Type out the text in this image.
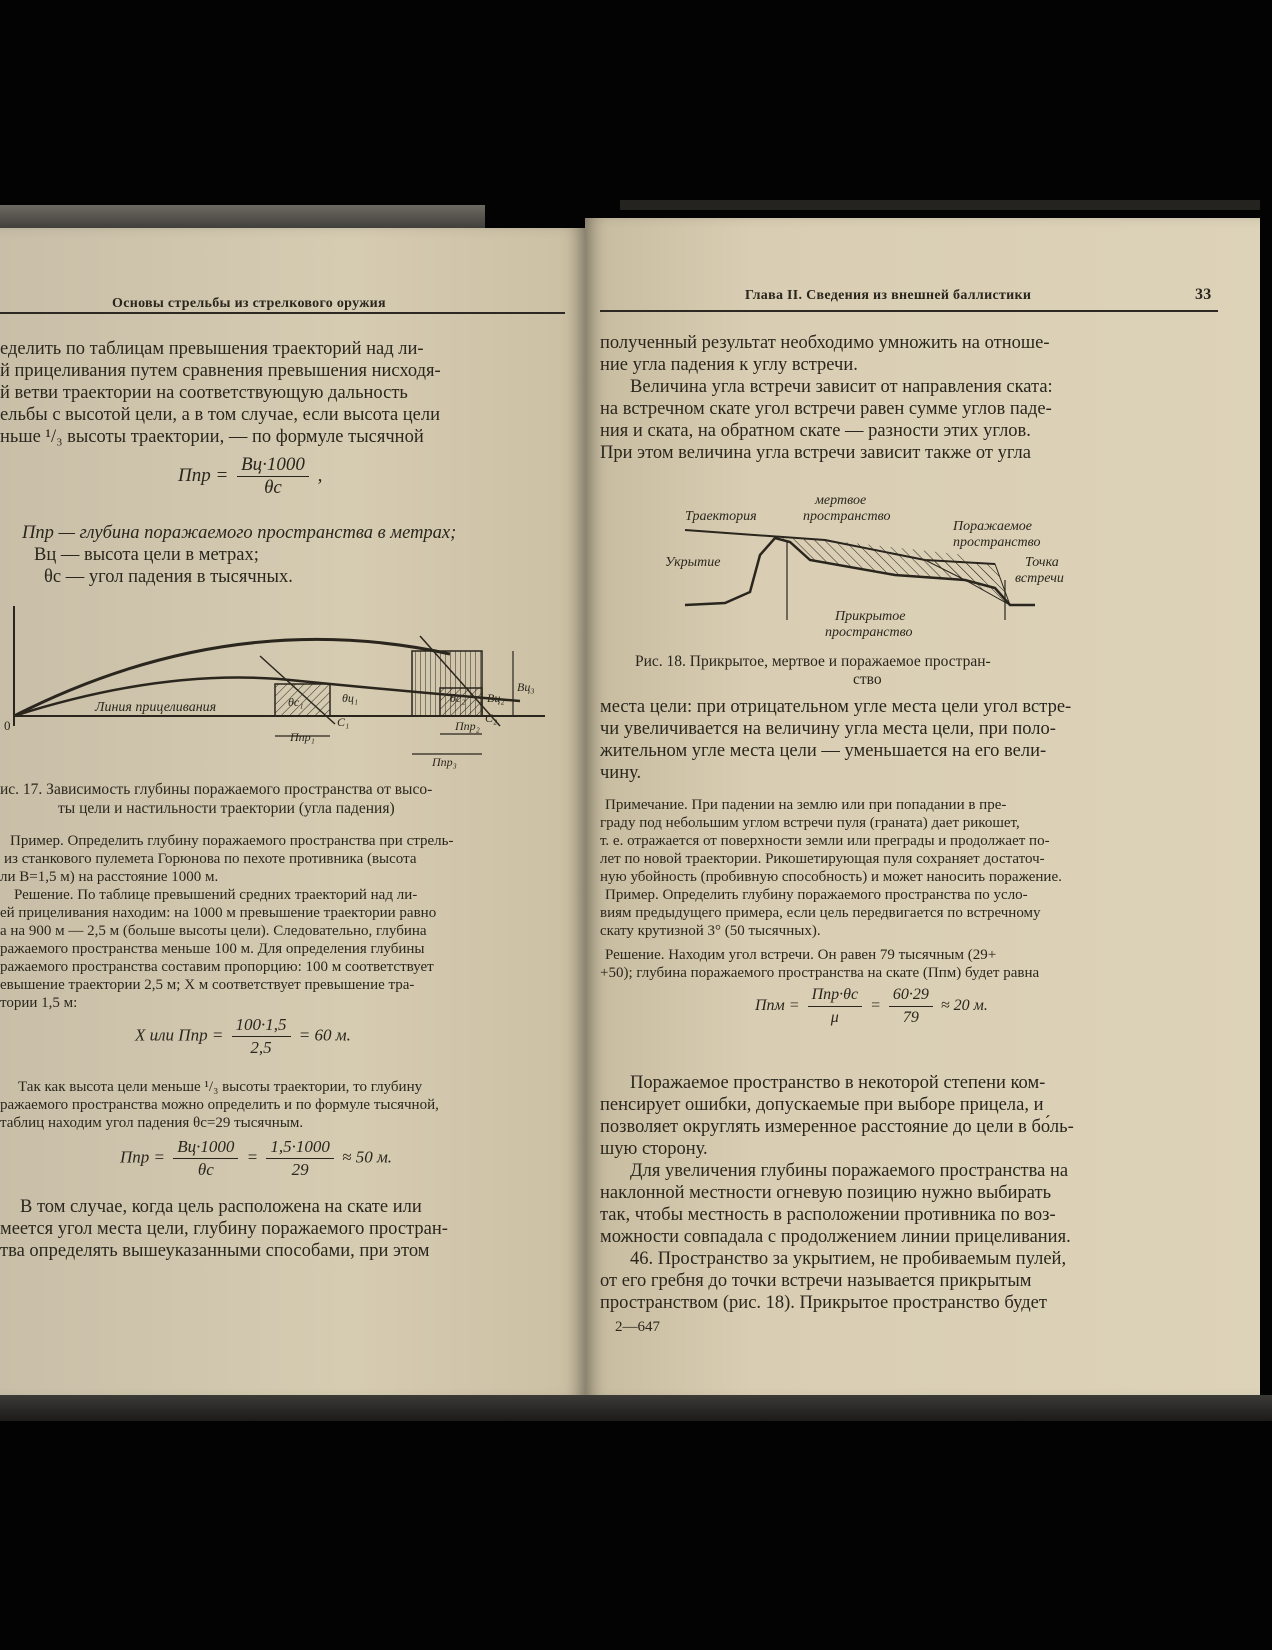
Основы стрельбы из стрелкового оружия
еделить по таблицам превышения траекторий над ли-
й прицеливания путем сравнения превышения нисходя-
й ветви траектории на соответствующую дальность
ельбы с высотой цели, а в том случае, если высота цели
ньше ¹/₃ высоты траектории, — по формуле тысячной
Ппр = $\frac{Вц\cdot 1000}{\theta c}$ ,
Ппр — глубина поражаемого пространства в метрах;
Вц — высота цели в метрах;
θc — угол падения в тысячных.
Линия прицеливания
0
Ппр₁
Ппр₂
Ппр₃
C₁	C₂
θc₁	θc₂
θц₁	Вц₂
Вц₃
ис. 17. Зависимость глубины поражаемого пространства от высо-
ты цели и настильности траектории (угла падения)
Пример. Определить глубину поражаемого пространства при стрель-
из станкового пулемета Горюнова по пехоте противника (высота
ли В=1,5 м) на расстояние 1000 м.
Решение. По таблице превышений средних траекторий над ли-
ей прицеливания находим: на 1000 м превышение траектории равно
а на 900 м — 2,5 м (больше высоты цели). Следовательно, глубина
ражаемого пространства меньше 100 м. Для определения глубины
ражаемого пространства составим пропорцию: 100 м соответствует
евышение траектории 2,5 м; X м соответствует превышение тра-
тории 1,5 м:
X или Ппр = $\frac{100\cdot 1,5}{2,5} = 60$ м.
Так как высота цели меньше ¹/₃ высоты траектории, то глубину
ражаемого пространства можно определить и по формуле тысячной,
таблиц находим угол падения θc=29 тысячным.
Ппр = $\frac{Вц\cdot 1000}{\theta c} = \frac{1,5\cdot 1000}{29} \approx 50$ м.
В том случае, когда цель расположена на скате или
меется угол места цели, глубину поражаемого простран-
тва определять вышеуказанными способами, при этом
Глава II. Сведения из внешней баллистики	33
полученный результат необходимо умножить на отноше-
ние угла падения к углу встречи.
Величина угла встречи зависит от направления ската:
на встречном скате угол встречи равен сумме углов паде-
ния и ската, на обратном скате — разности этих углов.
При этом величина угла встречи зависит также от угла
Траектория
мертвое
пространство
Поражаемое
пространство
Укрытие	Точка
встречи
Прикрытое
пространство
Рис. 18. Прикрытое, мертвое и поражаемое простран-
ство
места цели: при отрицательном угле места цели угол встре-
чи увеличивается на величину угла места цели, при поло-
жительном угле места цели — уменьшается на его вели-
чину.
Примечание. При падении на землю или при попадании в пре-
граду под небольшим углом встречи пуля (граната) дает рикошет,
т. е. отражается от поверхности земли или преграды и продолжает по-
лет по новой траектории. Рикошетирующая пуля сохраняет достаточ-
ную убойность (пробивную способность) и может наносить поражение.
Пример. Определить глубину поражаемого пространства по усло-
виям предыдущего примера, если цель передвигается по встречному
скату крутизной 3° (50 тысячных).
Решение. Находим угол встречи. Он равен 79 тысячным (29+
+50); глубина поражаемого пространства на скате (Ппм) будет равна
Ппм = $\frac{\text{Ппр·θc}}{\mu} = \frac{60\cdot 29}{79} \approx 20$ м.
Поражаемое пространство в некоторой степени ком-
пенсирует ошибки, допускаемые при выборе прицела, и
позволяет округлять измеренное расстояние до цели в бо́ль-
шую сторону.
Для увеличения глубины поражаемого пространства на
наклонной местности огневую позицию нужно выбирать
так, чтобы местность в расположении противника по воз-
можности совпадала с продолжением линии прицеливания.
46. Пространство за укрытием, не пробиваемым пулей,
от его гребня до точки встречи называется прикрытым
пространством (рис. 18). Прикрытое пространство будет
2—647
